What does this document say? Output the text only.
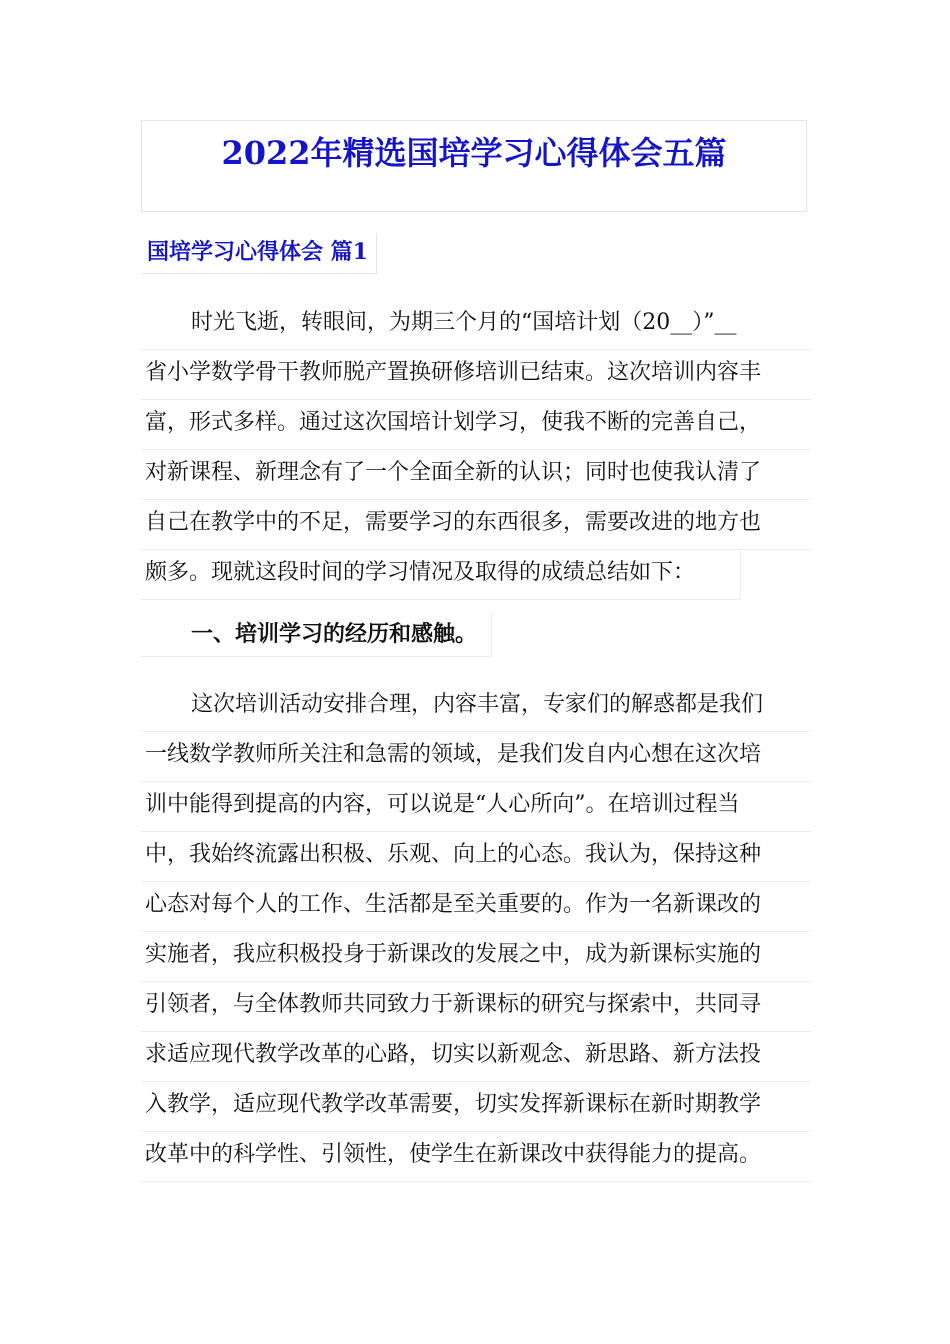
2022年精选国培学习心得体会五篇
国培学习心得体会 篇1
时光飞逝，转眼间，为期三个月的“国培计划（20__）”__
省小学数学骨干教师脱产置换研修培训已结束。这次培训内容丰
富，形式多样。通过这次国培计划学习，使我不断的完善自己，
对新课程、新理念有了一个全面全新的认识；同时也使我认清了
自己在教学中的不足，需要学习的东西很多，需要改进的地方也
颇多。现就这段时间的学习情况及取得的成绩总结如下：
一、培训学习的经历和感触。
这次培训活动安排合理，内容丰富，专家们的解惑都是我们
一线数学教师所关注和急需的领域，是我们发自内心想在这次培
训中能得到提高的内容，可以说是“人心所向”。在培训过程当
中，我始终流露出积极、乐观、向上的心态。我认为，保持这种
心态对每个人的工作、生活都是至关重要的。作为一名新课改的
实施者，我应积极投身于新课改的发展之中，成为新课标实施的
引领者，与全体教师共同致力于新课标的研究与探索中，共同寻
求适应现代教学改革的心路，切实以新观念、新思路、新方法投
入教学，适应现代教学改革需要，切实发挥新课标在新时期教学
改革中的科学性、引领性，使学生在新课改中获得能力的提高。
